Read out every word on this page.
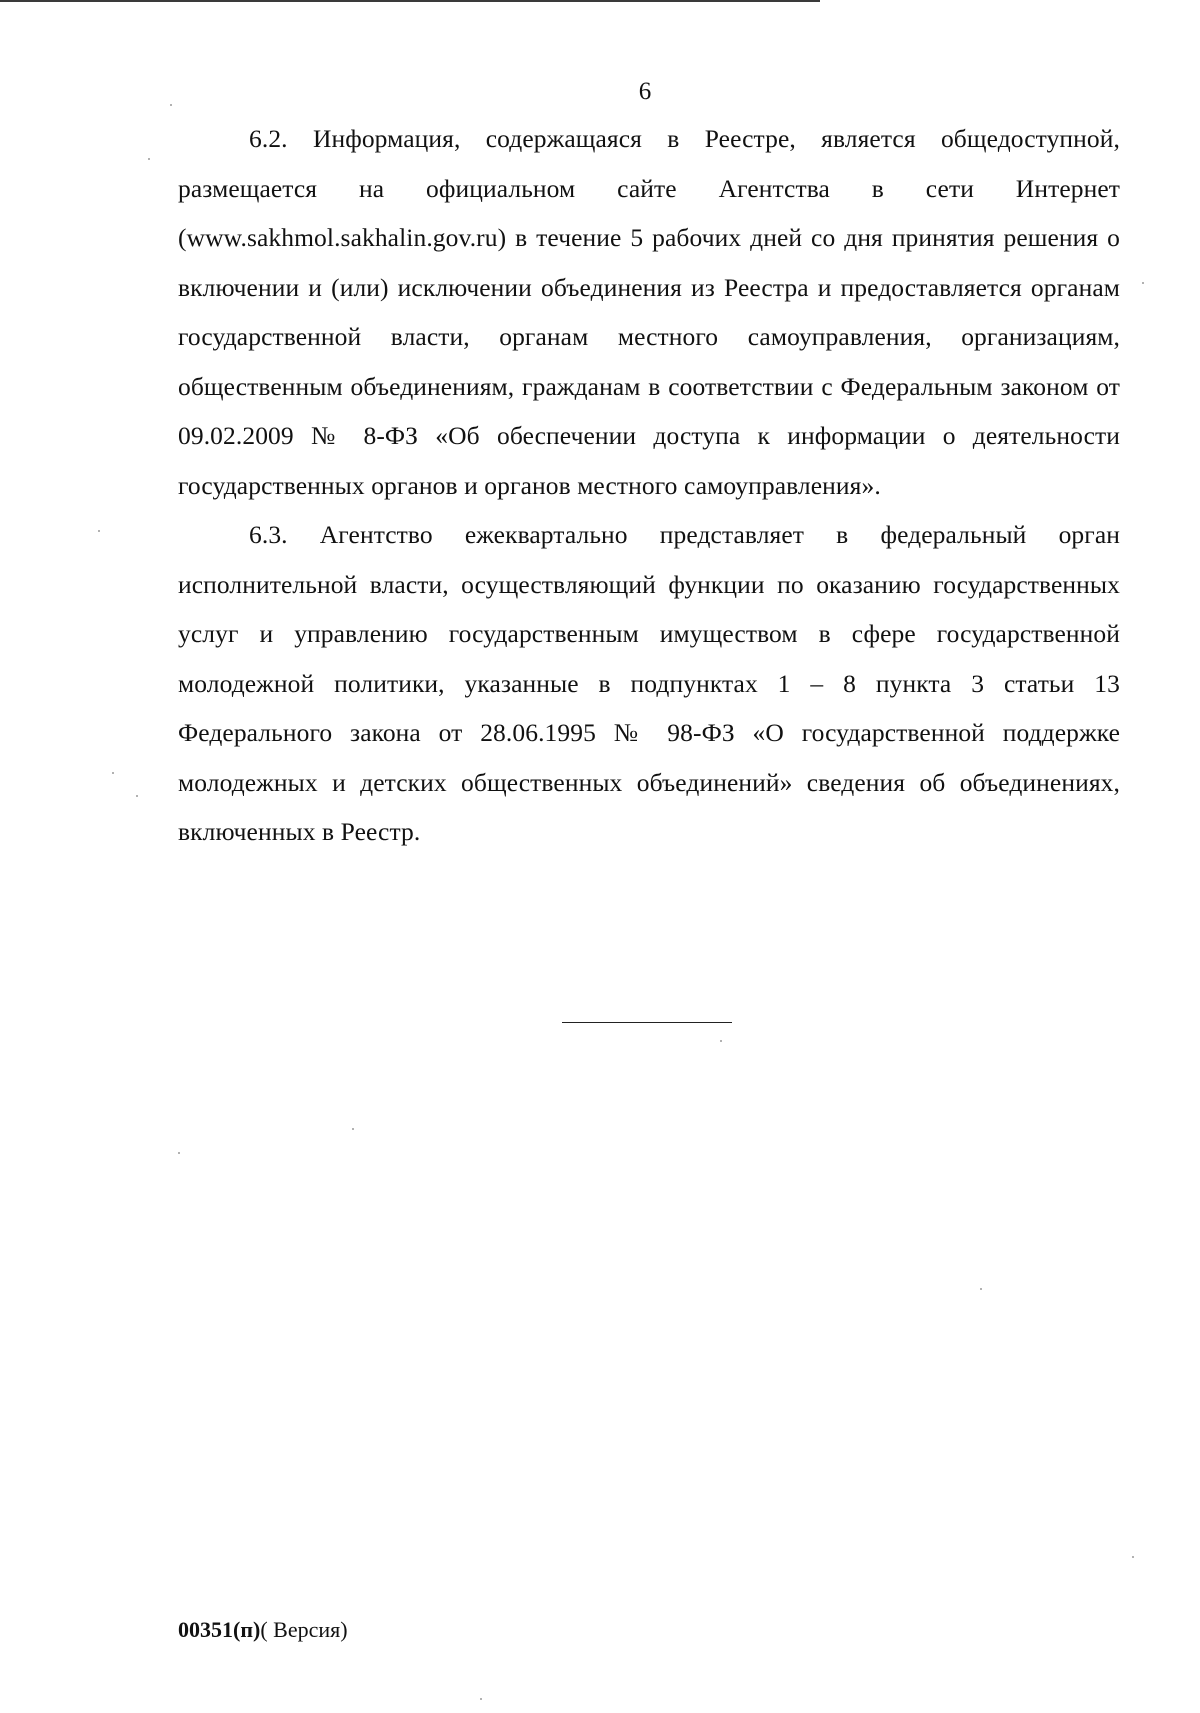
6

6.2. Информация, содержащаяся в Реестре, является общедоступной, размещается на официальном сайте Агентства в сети Интернет (www.sakhmol.sakhalin.gov.ru) в течение 5 рабочих дней со дня принятия решения о включении и (или) исключении объединения из Реестра и предоставляется органам государственной власти, органам местного самоуправления, организациям, общественным объединениям, гражданам в соответствии с Федеральным законом от 09.02.2009 № 8-ФЗ «Об обеспечении доступа к информации о деятельности государственных органов и органов местного самоуправления».

6.3. Агентство ежеквартально представляет в федеральный орган исполнительной власти, осуществляющий функции по оказанию государственных услуг и управлению государственным имуществом в сфере государственной молодежной политики, указанные в подпунктах 1 – 8 пункта 3 статьи 13 Федерального закона от 28.06.1995 № 98-ФЗ «О государственной поддержке молодежных и детских общественных объединений» сведения об объединениях, включенных в Реестр.

00351(п)( Версия)
